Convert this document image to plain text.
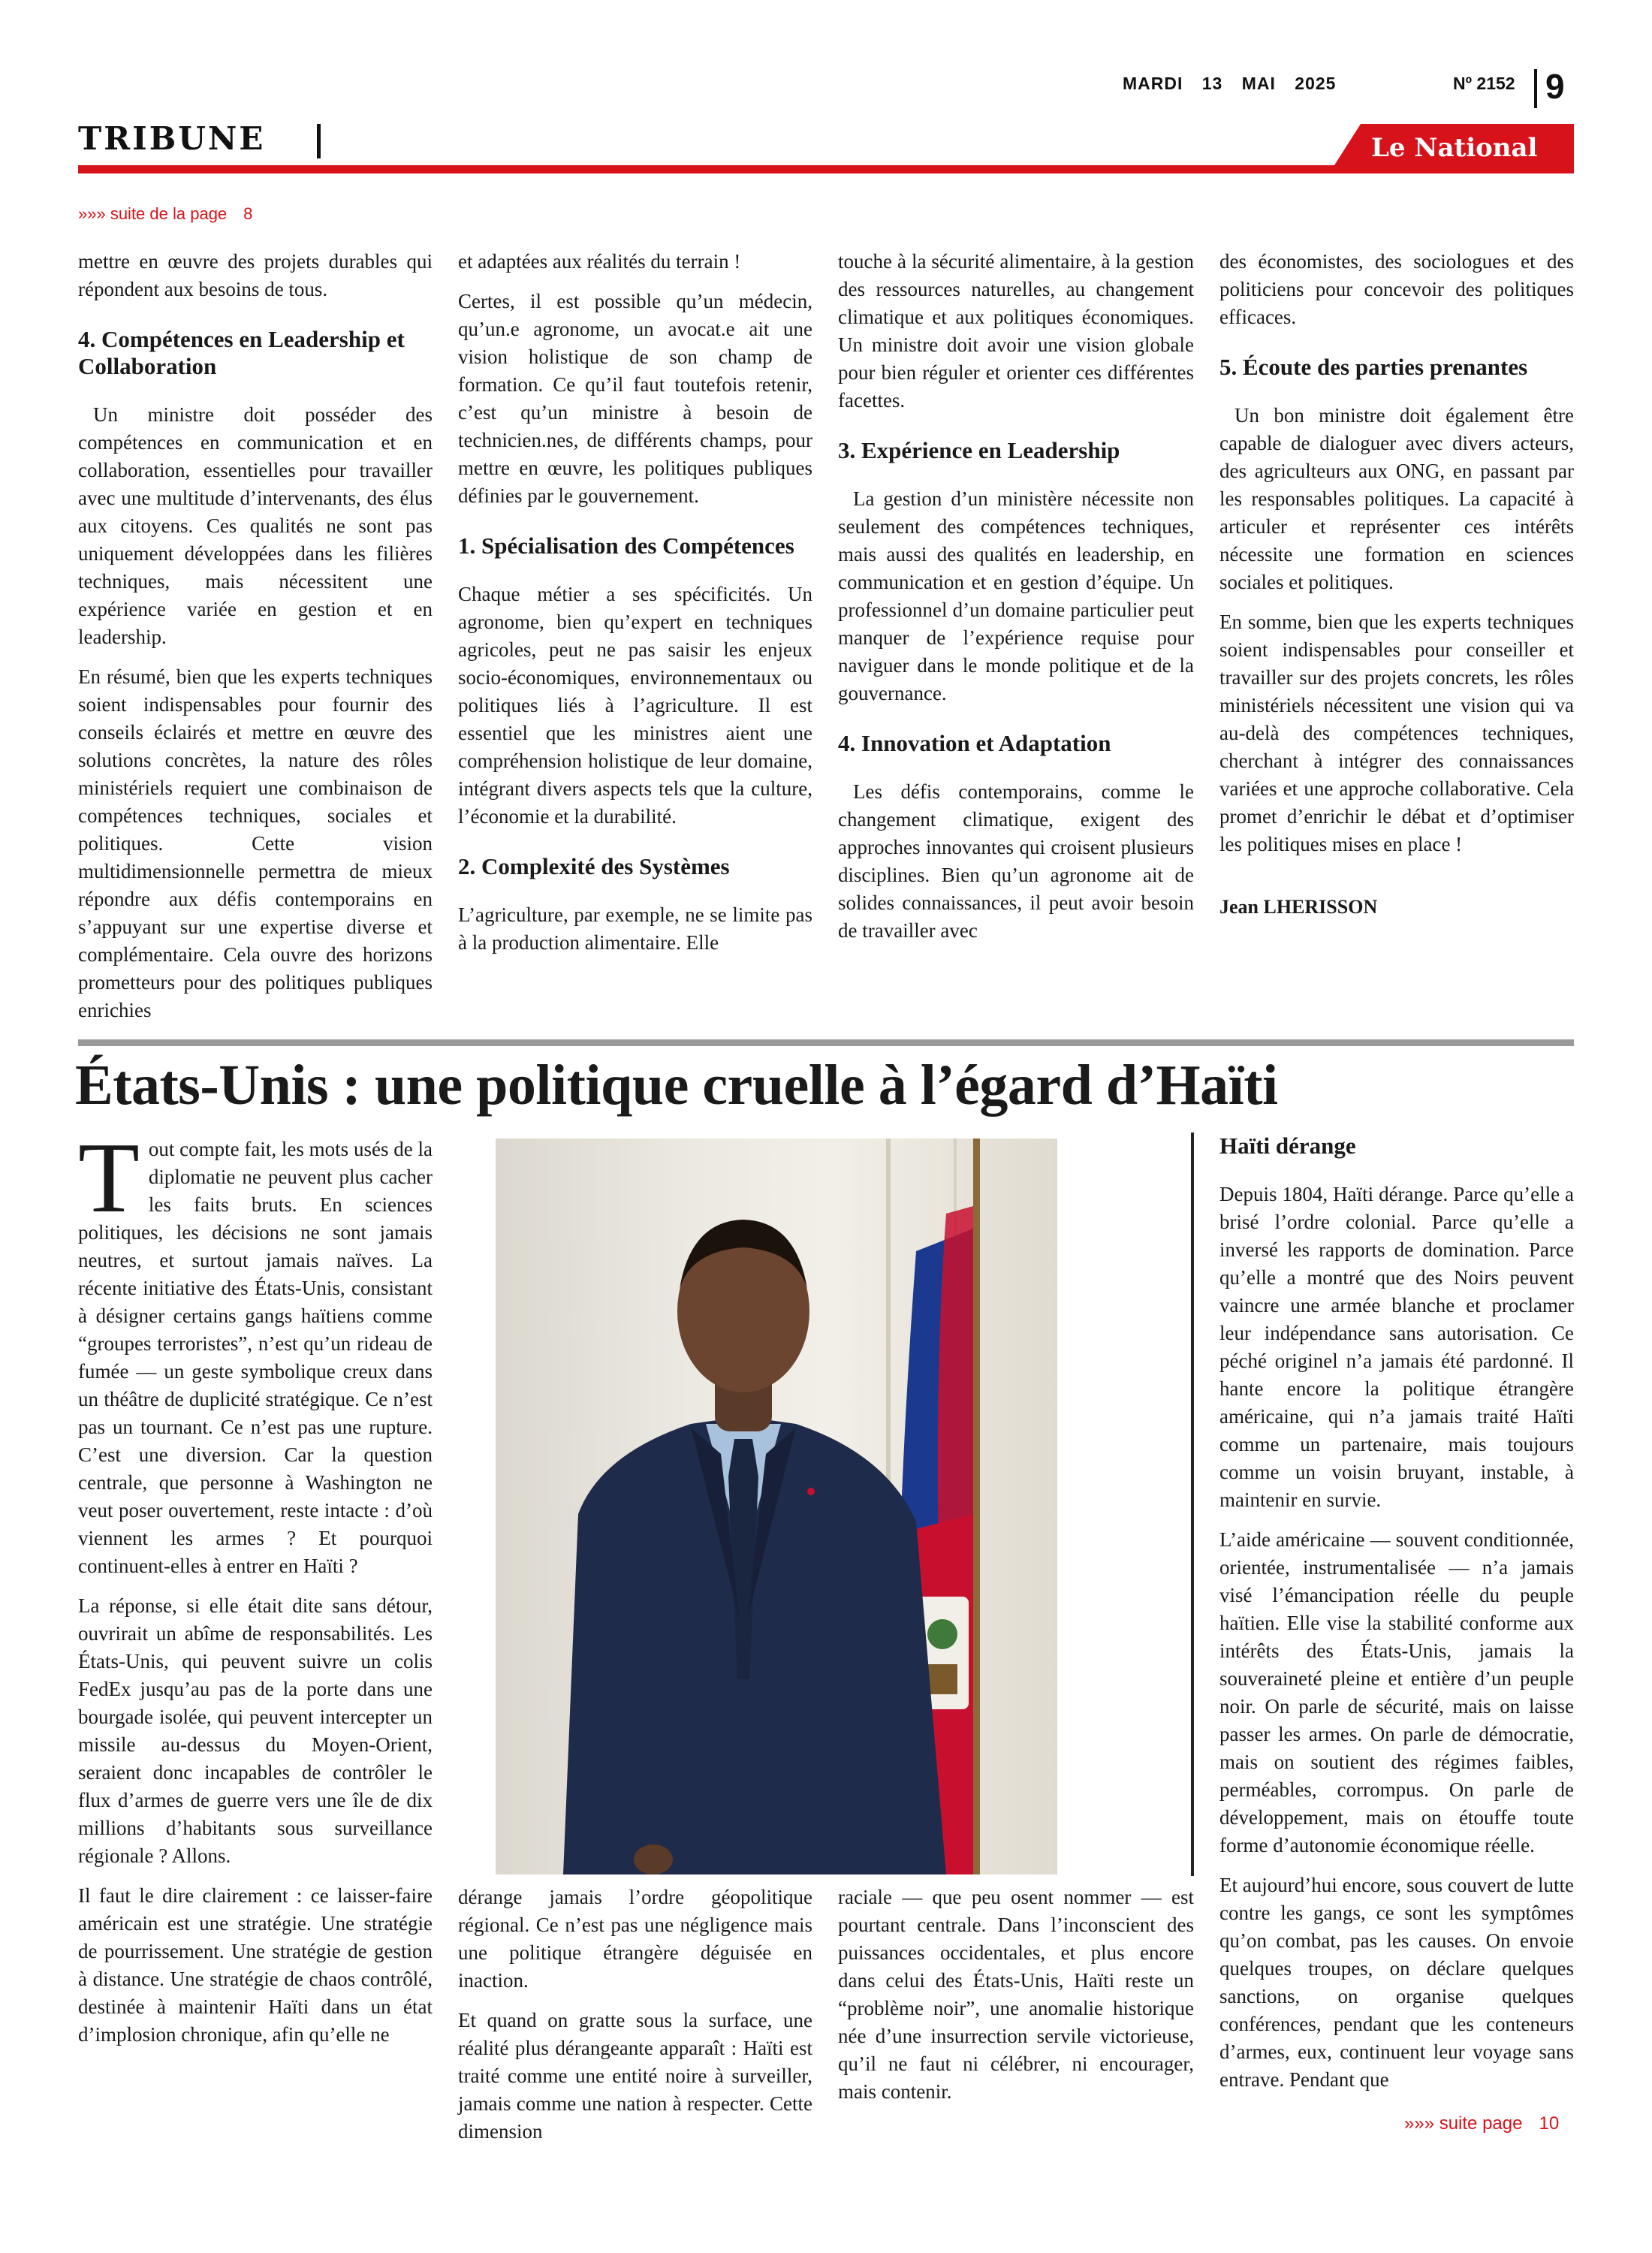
MARDI 13 MAI 2025	Nº 2152 9
TRIBUNE	Le National
»»» suite de la page 8

mettre en œuvre des projets durables qui répondent aux besoins de tous.

4. Compétences en Leadership et Collaboration

Un ministre doit posséder des compétences en communication et en collaboration, essentielles pour travailler avec une multitude d’intervenants, des élus aux citoyens. Ces qualités ne sont pas uniquement développées dans les filières techniques, mais nécessitent une expérience variée en gestion et en leadership.

En résumé, bien que les experts techniques soient indispensables pour fournir des conseils éclairés et mettre en œuvre des solutions concrètes, la nature des rôles ministériels requiert une combinaison de compétences techniques, sociales et politiques. Cette vision multidimensionnelle permettra de mieux répondre aux défis contemporains en s’appuyant sur une expertise diverse et complémentaire. Cela ouvre des horizons prometteurs pour des politiques publiques enrichies

et adaptées aux réalités du terrain !

Certes, il est possible qu’un médecin, qu’un.e agronome, un avocat.e ait une vision holistique de son champ de formation. Ce qu’il faut toutefois retenir, c’est qu’un ministre à besoin de technicien.nes, de différents champs, pour mettre en œuvre, les politiques publiques définies par le gouvernement.

1. Spécialisation des Compétences

Chaque métier a ses spécificités. Un agronome, bien qu’expert en techniques agricoles, peut ne pas saisir les enjeux socio-économiques, environnementaux ou politiques liés à l’agriculture. Il est essentiel que les ministres aient une compréhension holistique de leur domaine, intégrant divers aspects tels que la culture, l’économie et la durabilité.

2. Complexité des Systèmes

L’agriculture, par exemple, ne se limite pas à la production alimentaire. Elle

touche à la sécurité alimentaire, à la gestion des ressources naturelles, au changement climatique et aux politiques économiques. Un ministre doit avoir une vision globale pour bien réguler et orienter ces différentes facettes.

3. Expérience en Leadership

La gestion d’un ministère nécessite non seulement des compétences techniques, mais aussi des qualités en leadership, en communication et en gestion d’équipe. Un professionnel d’un domaine particulier peut manquer de l’expérience requise pour naviguer dans le monde politique et de la gouvernance.

4. Innovation et Adaptation

Les défis contemporains, comme le changement climatique, exigent des approches innovantes qui croisent plusieurs disciplines. Bien qu’un agronome ait de solides connaissances, il peut avoir besoin de travailler avec

des économistes, des sociologues et des politiciens pour concevoir des politiques efficaces.

5. Écoute des parties prenantes

Un bon ministre doit également être capable de dialoguer avec divers acteurs, des agriculteurs aux ONG, en passant par les responsables politiques. La capacité à articuler et représenter ces intérêts nécessite une formation en sciences sociales et politiques.

En somme, bien que les experts techniques soient indispensables pour conseiller et travailler sur des projets concrets, les rôles ministériels nécessitent une vision qui va au-delà des compétences techniques, cherchant à intégrer des connaissances variées et une approche collaborative. Cela promet d’enrichir le débat et d’optimiser les politiques mises en place !

Jean LHERISSON

États-Unis : une politique cruelle à l’égard d’Haïti
T out compte fait, les mots usés de la diplomatie ne peuvent plus cacher les faits bruts. En sciences politiques, les décisions ne sont jamais neutres, et surtout jamais naïves. La récente initiative des États-Unis, consistant à désigner certains gangs haïtiens comme “groupes terroristes”, n’est qu’un rideau de fumée — un geste symbolique creux dans un théâtre de duplicité stratégique. Ce n’est pas un tournant. Ce n’est pas une rupture. C’est une diversion. Car la question centrale, que personne à Washington ne veut poser ouvertement, reste intacte : d’où viennent les armes ? Et pourquoi continuent-elles à entrer en Haïti ?

La réponse, si elle était dite sans détour, ouvrirait un abîme de responsabilités. Les États-Unis, qui peuvent suivre un colis FedEx jusqu’au pas de la porte dans une bourgade isolée, qui peuvent intercepter un missile au-dessus du Moyen-Orient, seraient donc incapables de contrôler le flux d’armes de guerre vers une île de dix millions d’habitants sous surveillance régionale ? Allons.

Il faut le dire clairement : ce laisser-faire américain est une stratégie. Une stratégie de pourrissement. Une stratégie de gestion à distance. Une stratégie de chaos contrôlé, destinée à maintenir Haïti dans un état d’implosion chronique, afin qu’elle ne

dérange jamais l’ordre géopolitique régional. Ce n’est pas une négligence mais une politique étrangère déguisée en inaction.

Et quand on gratte sous la surface, une réalité plus dérangeante apparaît : Haïti est traité comme une entité noire à surveiller, jamais comme une nation à respecter. Cette dimension

raciale — que peu osent nommer — est pourtant centrale. Dans l’inconscient des puissances occidentales, et plus encore dans celui des États-Unis, Haïti reste un “problème noir”, une anomalie historique née d’une insurrection servile victorieuse, qu’il ne faut ni célébrer, ni encourager, mais contenir.

Haïti dérange

Depuis 1804, Haïti dérange. Parce qu’elle a brisé l’ordre colonial. Parce qu’elle a inversé les rapports de domination. Parce qu’elle a montré que des Noirs peuvent vaincre une armée blanche et proclamer leur indépendance sans autorisation. Ce péché originel n’a jamais été pardonné. Il hante encore la politique étrangère américaine, qui n’a jamais traité Haïti comme un partenaire, mais toujours comme un voisin bruyant, instable, à maintenir en survie.

L’aide américaine — souvent conditionnée, orientée, instrumentalisée — n’a jamais visé l’émancipation réelle du peuple haïtien. Elle vise la stabilité conforme aux intérêts des États-Unis, jamais la souveraineté pleine et entière d’un peuple noir. On parle de sécurité, mais on laisse passer les armes. On parle de démocratie, mais on soutient des régimes faibles, perméables, corrompus. On parle de développement, mais on étouffe toute forme d’autonomie économique réelle.

Et aujourd’hui encore, sous couvert de lutte contre les gangs, ce sont les symptômes qu’on combat, pas les causes. On envoie quelques troupes, on déclare quelques sanctions, on organise quelques conférences, pendant que les conteneurs d’armes, eux, continuent leur voyage sans entrave. Pendant que

»»» suite page 10
